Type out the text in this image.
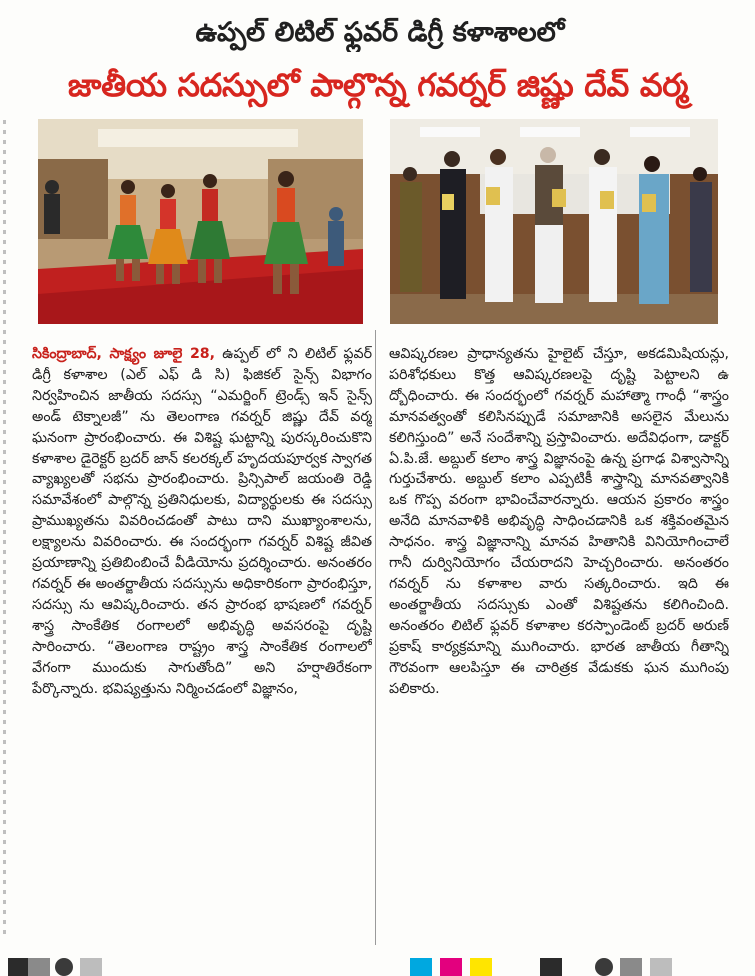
ఉప్పల్ లిటిల్ ఫ్లవర్ డిగ్రీ కళాశాలలో
జాతీయ సదస్సులో పాల్గొన్న గవర్నర్ జిష్ణు దేవ్ వర్మ
సికింద్రాబాద్, సాక్ష్యం జూలై 28, ఉప్పల్ లో ని లిటిల్ ఫ్లవర్ డిగ్రీ కళాశాల (ఎల్ ఎఫ్ డి సి) ఫిజికల్ సైన్స్ విభాగం నిర్వహించిన జాతీయ సదస్సు “ఎమర్జింగ్ ట్రెండ్స్ ఇన్ సైన్స్ అండ్ టెక్నాలజీ” ను తెలంగాణ గవర్నర్ జిష్ణు దేవ్ వర్మ ఘనంగా ప్రారంభించారు. ఈ విశిష్ట ఘట్టాన్ని పురస్కరించుకొని కళాశాల డైరెక్టర్ బ్రదర్ జాన్ కలరక్కల్ హృదయపూర్వక స్వాగత వ్యాఖ్యలతో సభను ప్రారంభించారు. ప్రిన్సిపాల్ జయంతి రెడ్డి సమావేశంలో పాల్గొన్న ప్రతినిధులకు, విద్యార్థులకు ఈ సదస్సు ప్రాముఖ్యతను వివరించడంతో పాటు దాని ముఖ్యాంశాలను, లక్ష్యాలను వివరించారు. ఈ సందర్భంగా గవర్నర్ విశిష్ట జీవిత ప్రయాణాన్ని ప్రతిబింబించే వీడియోను ప్రదర్శించారు. అనంతరం గవర్నర్ ఈ అంతర్జాతీయ సదస్సును అధికారికంగా ప్రారంభిస్తూ, సదస్సు ను ఆవిష్కరించారు. తన ప్రారంభ భాషణలో గవర్నర్ శాస్త్ర సాంకేతిక రంగాలలో అభివృద్ధి అవసరంపై దృష్టి సారించారు. “తెలంగాణ రాష్ట్రం శాస్త్ర సాంకేతిక రంగాలలో వేగంగా ముందుకు సాగుతోంది” అని హర్షాతిరేకంగా పేర్కొన్నారు. భవిష్యత్తును నిర్మించడంలో విజ్ఞానం,
ఆవిష్కరణల ప్రాధాన్యతను హైలైట్ చేస్తూ, అకడమిషియన్లు, పరిశోధకులు కొత్త ఆవిష్కరణలపై దృష్టి పెట్టాలని ఉ ద్బోధించారు. ఈ సందర్భంలో గవర్నర్ మహాత్మా గాంధీ “శాస్త్రం మానవత్వంతో కలిసినప్పుడే సమాజానికి అసలైన మేలును కలిగిస్తుంది” అనే సందేశాన్ని ప్రస్తావించారు. అదేవిధంగా, డాక్టర్ ఏ.పి.జే. అబ్దుల్ కలాం శాస్త్ర విజ్ఞానంపై ఉన్న ప్రగాఢ విశ్వాసాన్ని గుర్తుచేశారు. అబ్దుల్ కలాం ఎప్పటికీ శాస్త్రాన్ని మానవత్వానికి ఒక గొప్ప వరంగా భావించేవారన్నారు. ఆయన ప్రకారం శాస్త్రం అనేది మానవాళికి అభివృద్ధి సాధించడానికి ఒక శక్తివంతమైన సాధనం. శాస్త్ర విజ్ఞానాన్ని మానవ హితానికి వినియోగించాలే గానీ దుర్వినియోగం చేయరాదని హెచ్చరించారు. అనంతరం గవర్నర్ ను కళాశాల వారు సత్కరించారు. ఇది ఈ అంతర్జాతీయ సదస్సుకు ఎంతో విశిష్టతను కలిగించింది. అనంతరం లిటిల్ ఫ్లవర్ కళాశాల కరస్పాండెంట్ బ్రదర్ అరుణ్ ప్రకాష్ కార్యక్రమాన్ని ముగించారు. భారత జాతీయ గీతాన్ని గౌరవంగా ఆలపిస్తూ ఈ చారిత్రక వేడుకకు ఘన ముగింపు పలికారు.
